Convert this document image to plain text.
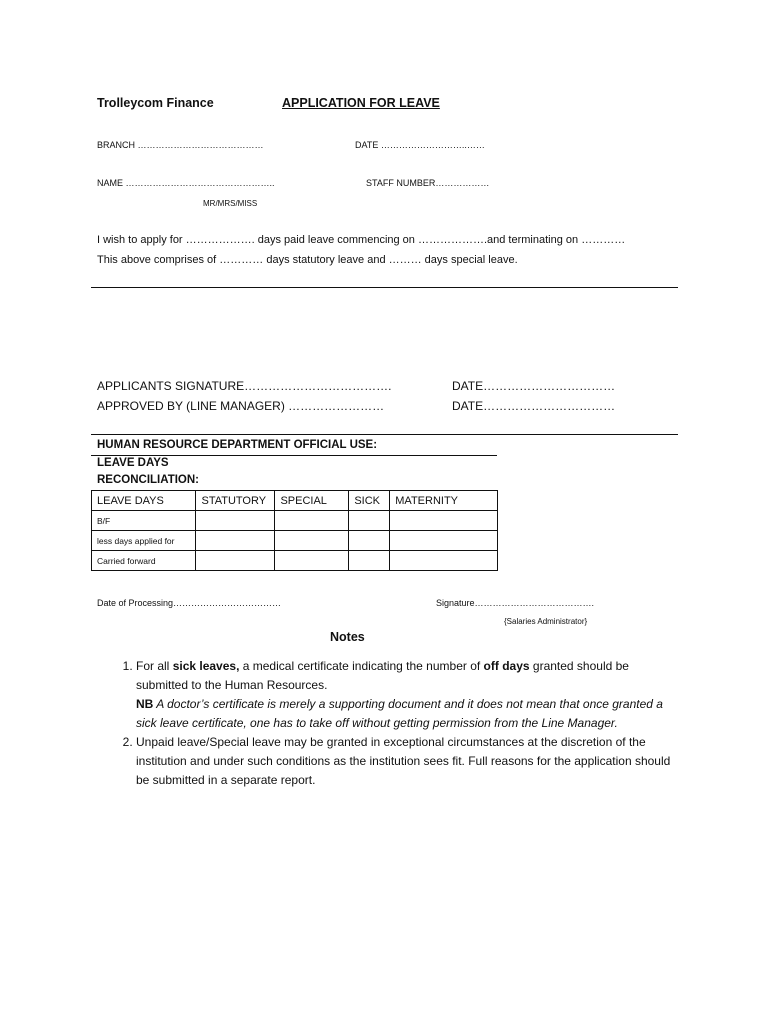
Trolleycom Finance	APPLICATION FOR LEAVE
BRANCH ……………………………………	DATE ………………………..……
NAME …………………………………………..	STAFF NUMBER………………
MR/MRS/MISS
I wish to apply for ………………. days paid leave commencing on ……………….and terminating on …………
This above comprises of ………… days statutory leave and ……… days special leave.
APPLICANTS SIGNATURE……………………………….	DATE……………………………
APPROVED BY (LINE MANAGER) ……………………	DATE……………………………
HUMAN RESOURCE DEPARTMENT OFFICIAL USE:
LEAVE DAYS
RECONCILIATION:
LEAVE DAYS	STATUTORY	SPECIAL	SICK	MATERNITY
B/F				
less days applied for				
Carried forward				
Date of Processing………………………………	Signature………………………………….
{Salaries Administrator}
Notes
1. For all sick leaves, a medical certificate indicating the number of off days granted should be submitted to the Human Resources.
NB A doctor’s certificate is merely a supporting document and it does not mean that once granted a sick leave certificate, one has to take off without getting permission from the Line Manager.
2. Unpaid leave/Special leave may be granted in exceptional circumstances at the discretion of the institution and under such conditions as the institution sees fit. Full reasons for the application should be submitted in a separate report.
